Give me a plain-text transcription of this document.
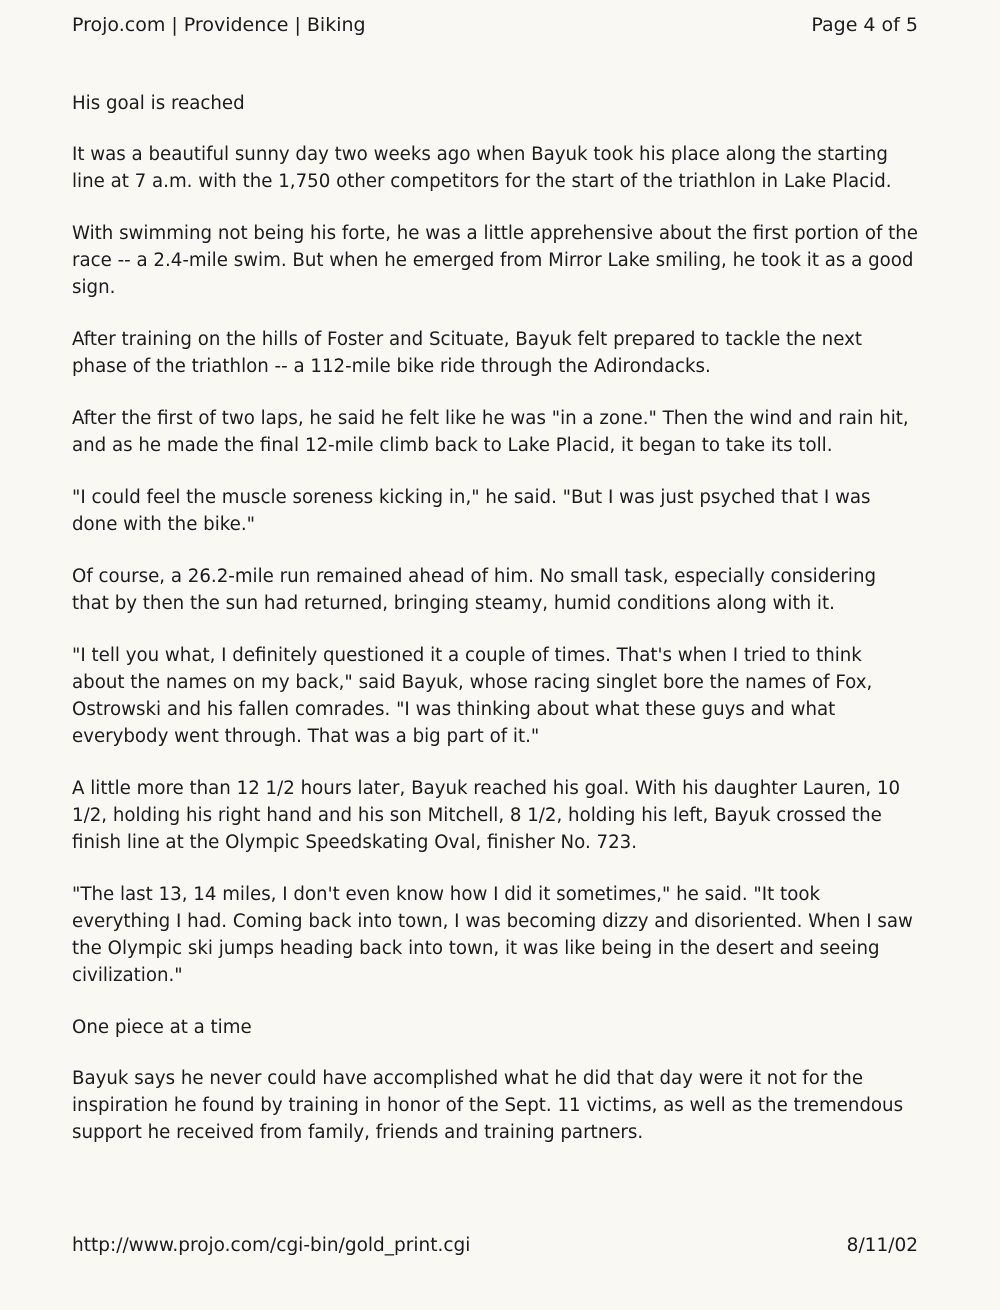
Projo.com | Providence | Biking	Page 4 of 5

His goal is reached

It was a beautiful sunny day two weeks ago when Bayuk took his place along the starting line at 7 a.m. with the 1,750 other competitors for the start of the triathlon in Lake Placid.

With swimming not being his forte, he was a little apprehensive about the first portion of the race -- a 2.4-mile swim. But when he emerged from Mirror Lake smiling, he took it as a good sign.

After training on the hills of Foster and Scituate, Bayuk felt prepared to tackle the next phase of the triathlon -- a 112-mile bike ride through the Adirondacks.

After the first of two laps, he said he felt like he was "in a zone." Then the wind and rain hit, and as he made the final 12-mile climb back to Lake Placid, it began to take its toll.

"I could feel the muscle soreness kicking in," he said. "But I was just psyched that I was done with the bike."

Of course, a 26.2-mile run remained ahead of him. No small task, especially considering that by then the sun had returned, bringing steamy, humid conditions along with it.

"I tell you what, I definitely questioned it a couple of times. That's when I tried to think about the names on my back," said Bayuk, whose racing singlet bore the names of Fox, Ostrowski and his fallen comrades. "I was thinking about what these guys and what everybody went through. That was a big part of it."

A little more than 12 1/2 hours later, Bayuk reached his goal. With his daughter Lauren, 10 1/2, holding his right hand and his son Mitchell, 8 1/2, holding his left, Bayuk crossed the finish line at the Olympic Speedskating Oval, finisher No. 723.

"The last 13, 14 miles, I don't even know how I did it sometimes," he said. "It took everything I had. Coming back into town, I was becoming dizzy and disoriented. When I saw the Olympic ski jumps heading back into town, it was like being in the desert and seeing civilization."

One piece at a time

Bayuk says he never could have accomplished what he did that day were it not for the inspiration he found by training in honor of the Sept. 11 victims, as well as the tremendous support he received from family, friends and training partners.

http://www.projo.com/cgi-bin/gold_print.cgi	8/11/02
